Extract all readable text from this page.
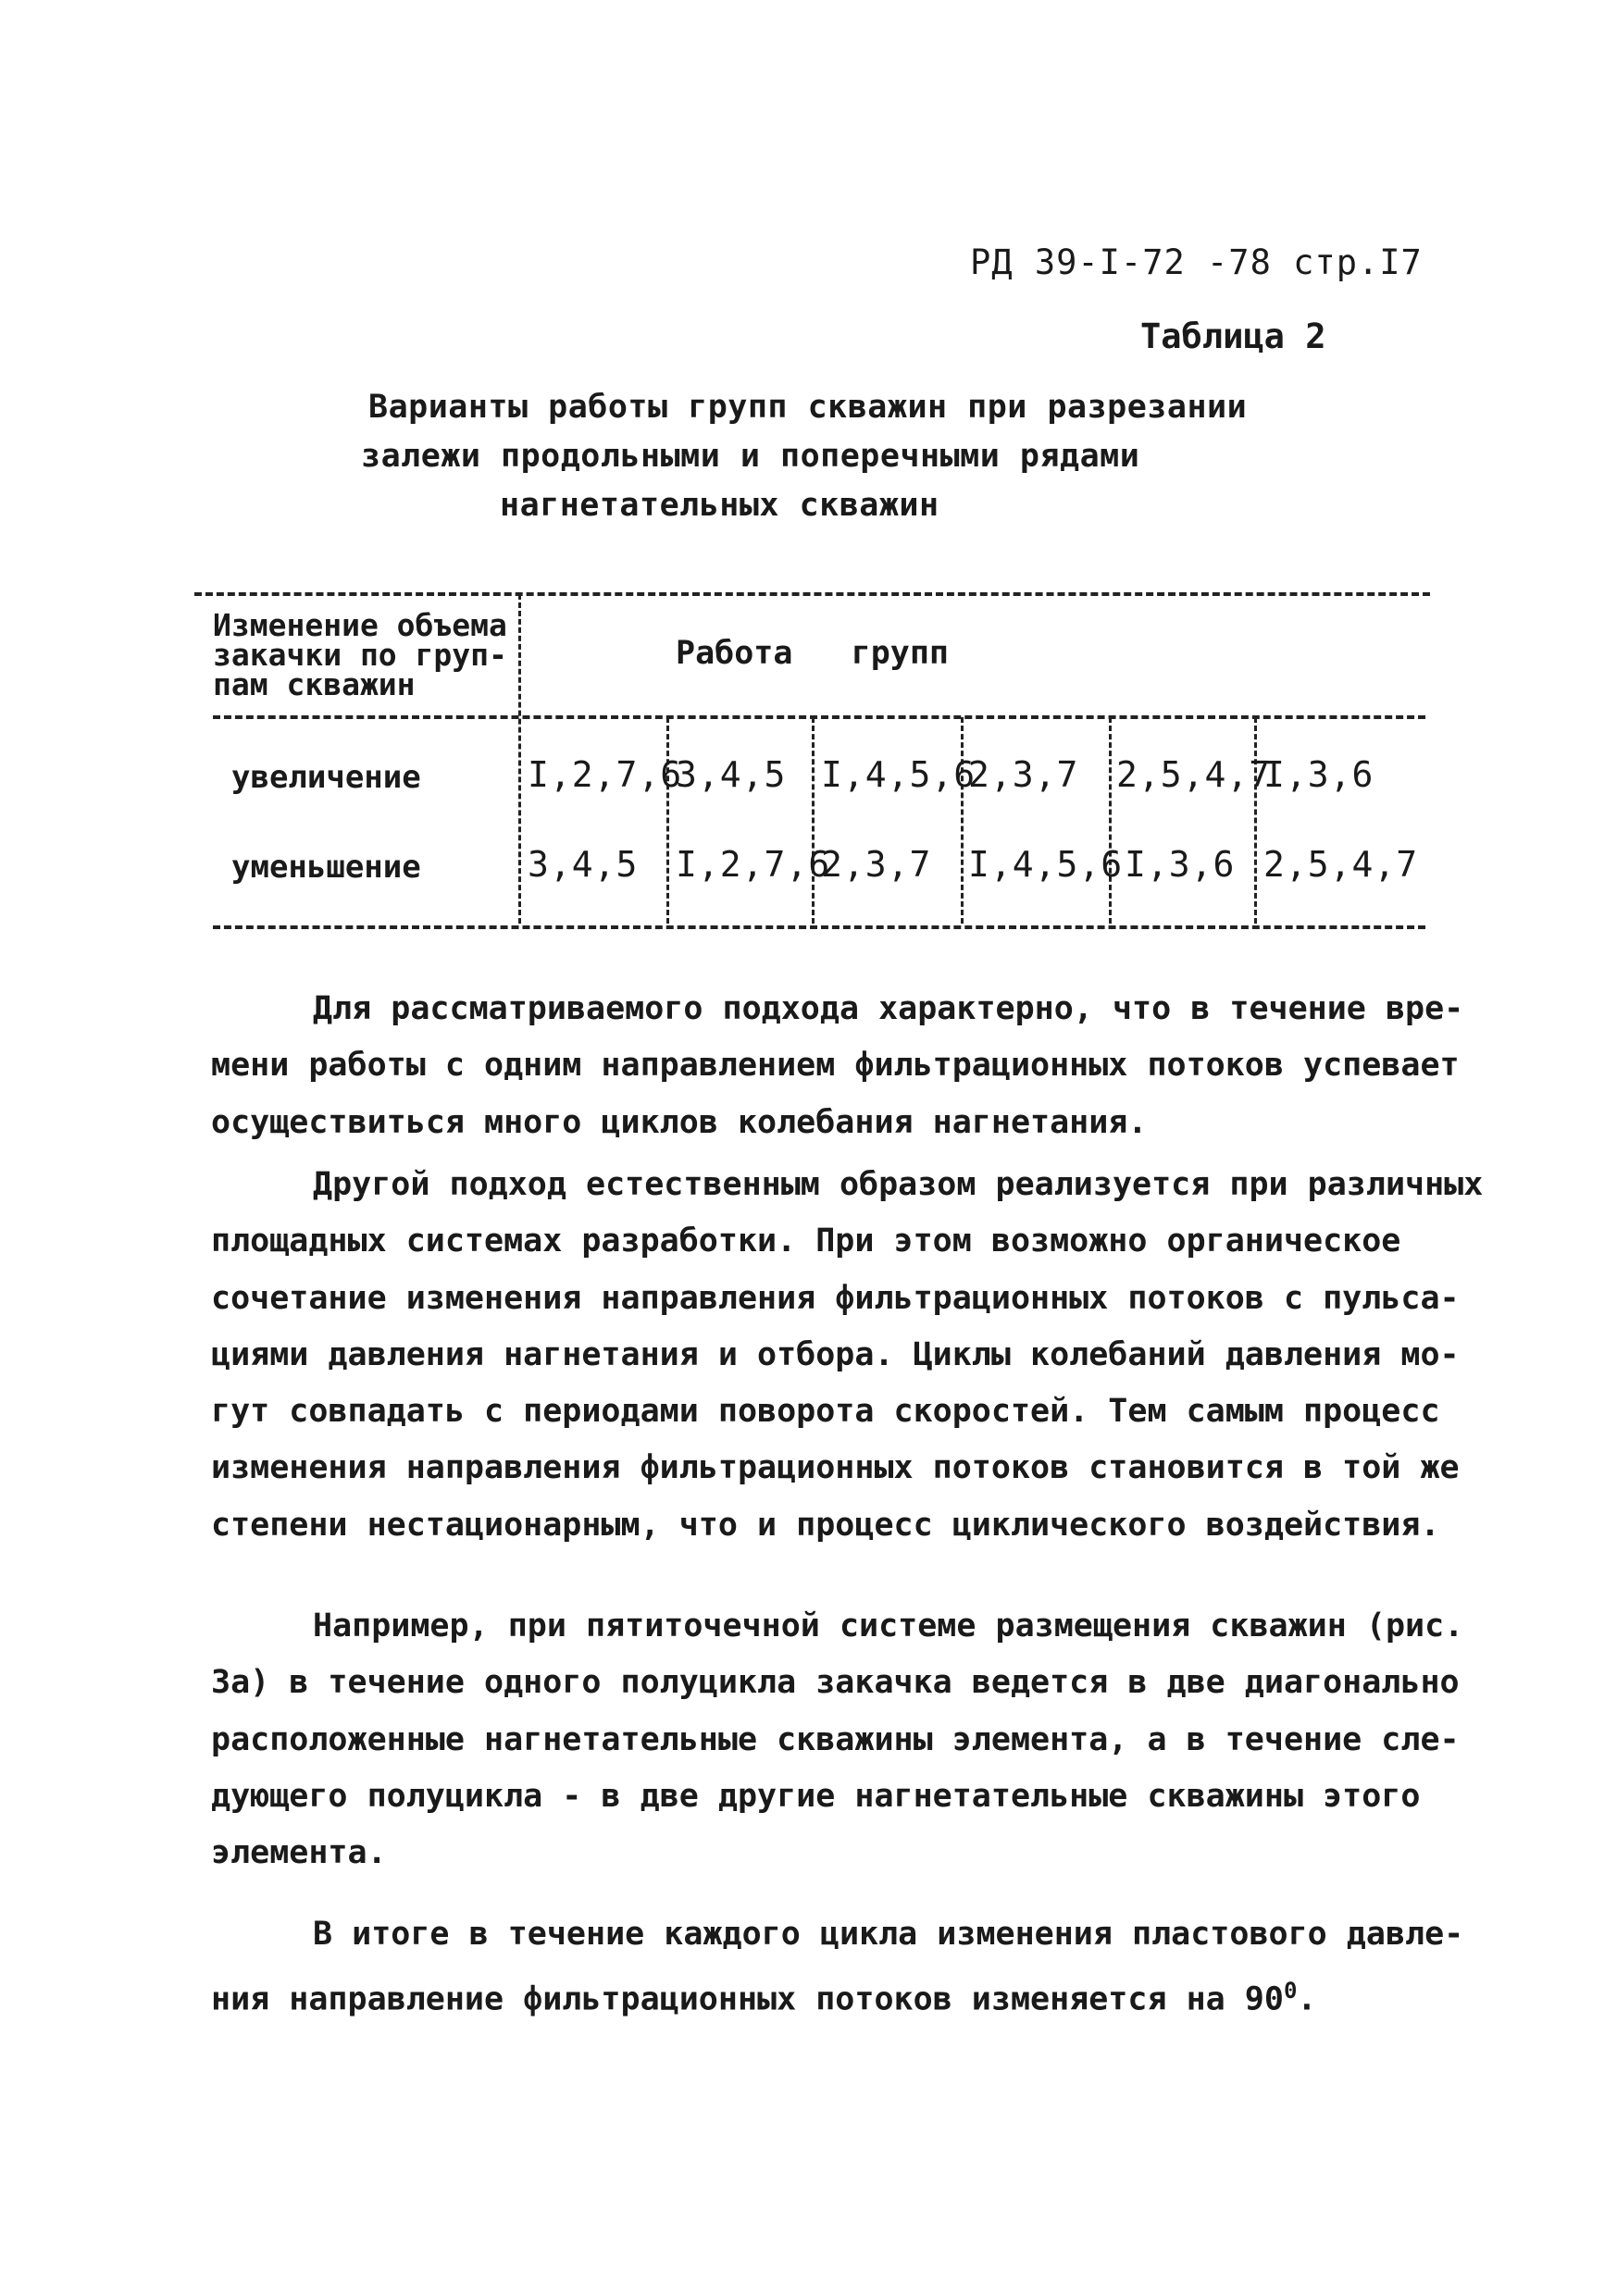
РД 39-I-72 -78 стр.I7
Таблица 2
Варианты работы групп скважин при разрезании
залежи продольными и поперечными рядами
нагнетательных скважин
Изменение объема
закачки по груп-
пам скважин
Работа   групп
увеличение	I,2,7,6
3,4,5 I,4,5,6
2,3,7 2,5,4,7
I,3,6
уменьшение	3,4,5 I,2,7,6
2,3,7 I,4,5,6 I,3,6 2,5,4,7
Для рассматриваемого подхода характерно, что в течение вре-
мени работы с одним направлением фильтрационных потоков успевает
осуществиться много циклов колебания нагнетания.
Другой подход естественным образом реализуется при различных
площадных системах разработки. При этом возможно органическое
сочетание изменения направления фильтрационных потоков с пульса-
циями давления нагнетания и отбора. Циклы колебаний давления мо-
гут совпадать с периодами поворота скоростей. Тем самым процесс
изменения направления фильтрационных потоков становится в той же
степени нестационарным, что и процесс циклического воздействия.
Например, при пятиточечной системе размещения скважин (рис.
3а) в течение одного полуцикла закачка ведется в две диагонально
расположенные нагнетательные скважины элемента, а в течение сле-
дующего полуцикла - в две другие нагнетательные скважины этого
элемента.
В итоге в течение каждого цикла изменения пластового давле-
ния направление фильтрационных потоков изменяется на $90^0$.
